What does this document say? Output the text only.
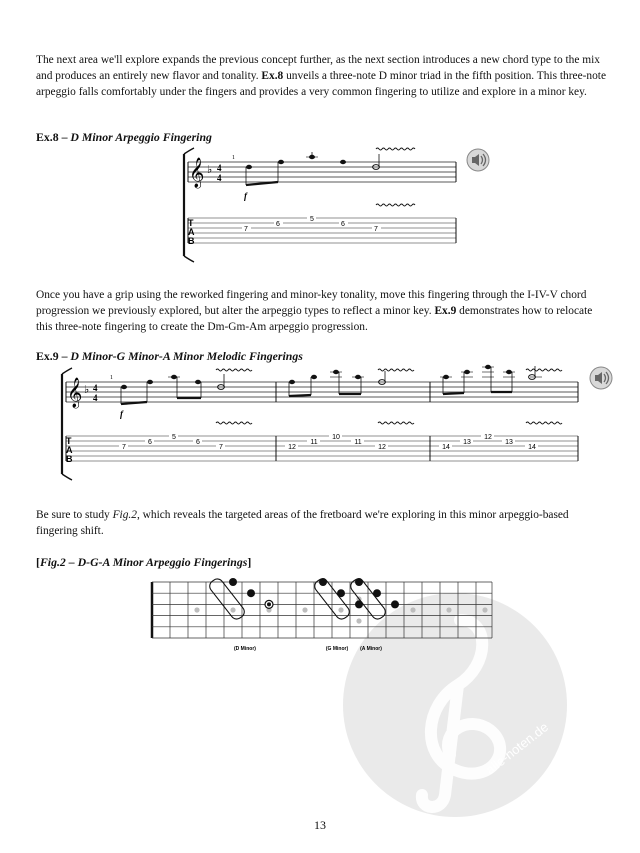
The next area we'll explore expands the previous concept further, as the next section introduces a new chord type to the mix and produces an entirely new flavor and tonality. Ex.8 unveils a three-note D minor triad in the fifth position. This three-note arpeggio falls comfortably under the fingers and provides a very common fingering to utilize and explore in a minor key.

Ex.8 – D Minor Arpeggio Fingering

𝄞 ♭ 4
4
1
f
T
A
B
7
6
5
6
7

Once you have a grip using the reworked fingering and minor-key tonality, move this fingering through the I-IV-V chord progression we previously explored, but alter the arpeggio types to reflect a minor key. Ex.9 demonstrates how to relocate this three-note fingering to create the Dm-Gm-Am arpeggio progression.

Ex.9 – D Minor-G Minor-A Minor Melodic Fingerings

𝄞 ♭ 4
4
1
f
T
A
B
7
6
5
6
7	12
11
10
11
12	14
13
12
13
14

Be sure to study Fig.2, which reveals the targeted areas of the fretboard we're exploring in this minor arpeggio-based fingering shift.

[Fig.2 – D-G-A Minor Arpeggio Fingerings]

alle-noten.de
(D Minor)	(G Minor) (A Minor)
13
